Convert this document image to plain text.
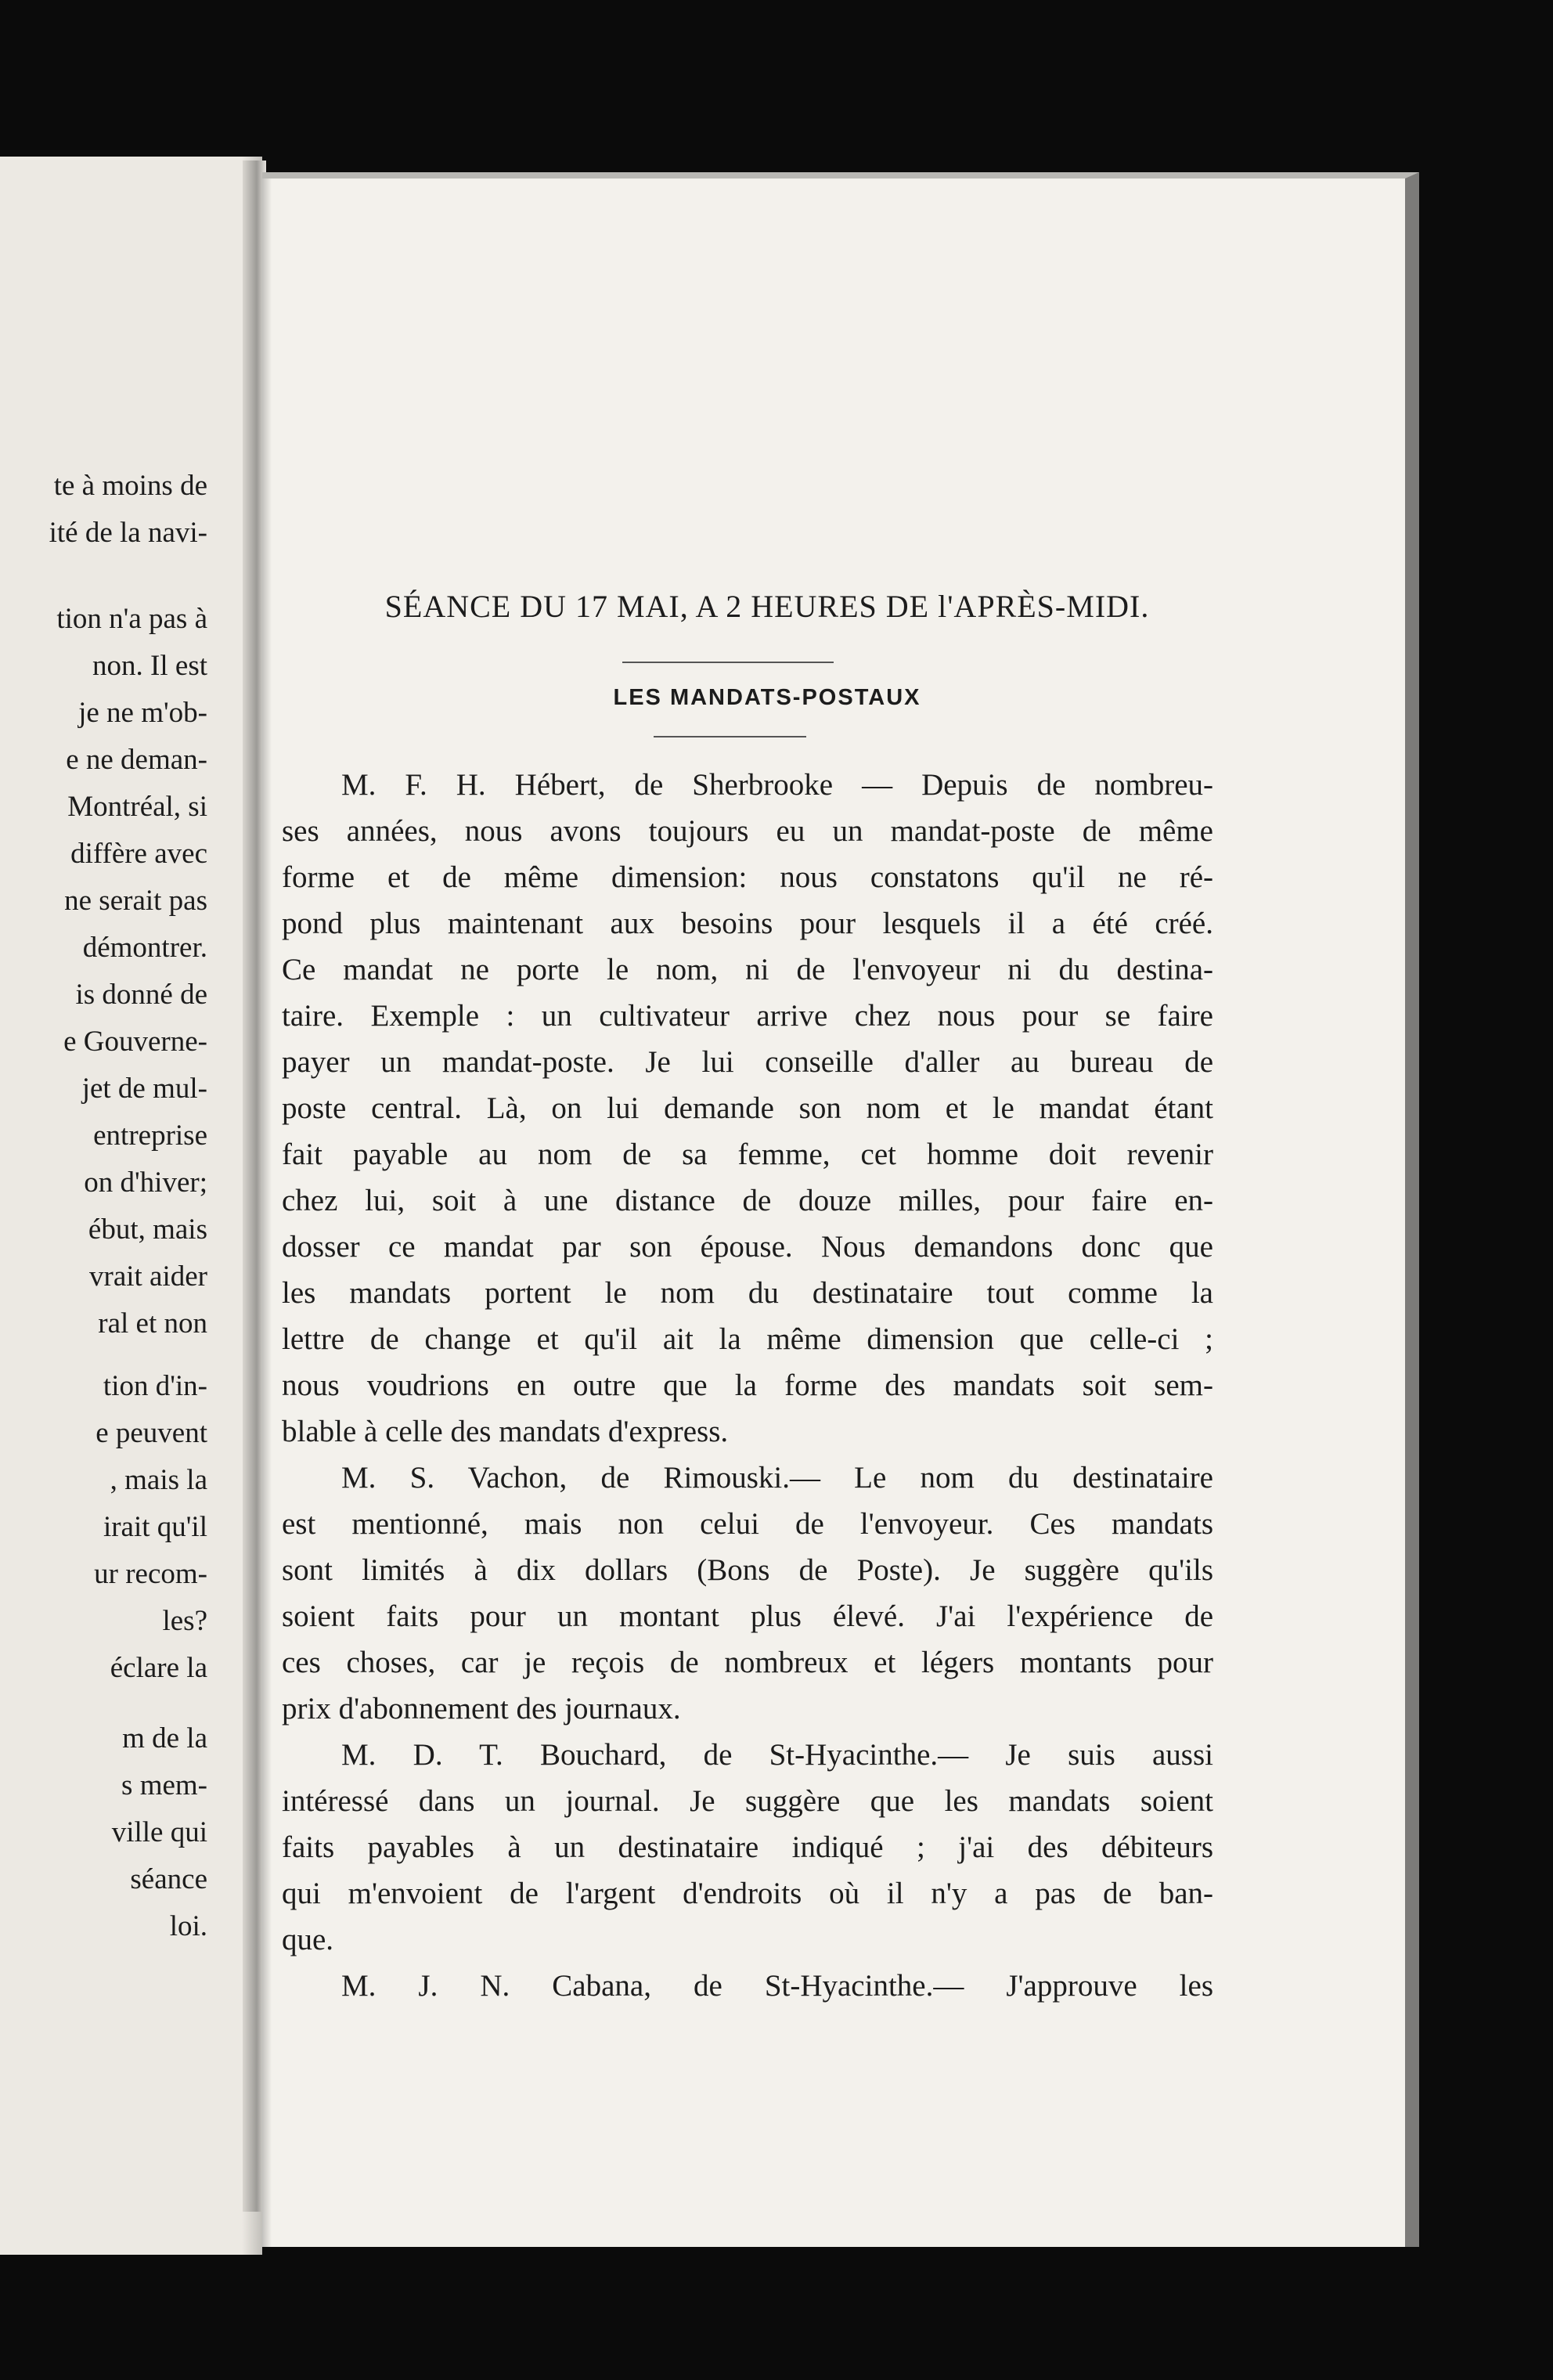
te à moins de
ité de la navi-
tion n'a pas à
non. Il est
je ne m'ob-
e ne deman-
Montréal, si
diffère avec
ne serait pas
démontrer.
is donné de
e Gouverne-
jet de mul-
entreprise
on d'hiver;
ébut, mais
vrait aider
ral et non
tion d'in-
e peuvent
, mais la
irait qu'il
ur recom-
les?
éclare la
m de la
s mem-
ville qui
séance
loi.
SÉANCE DU 17 MAI, A 2 HEURES DE l'APRÈS-MIDI.
LES MANDATS-POSTAUX
M. F. H. Hébert, de Sherbrooke — Depuis de nombreu-
ses années, nous avons toujours eu un mandat-poste de même
forme et de même dimension: nous constatons qu'il ne ré-
pond plus maintenant aux besoins pour lesquels il a été créé.
Ce mandat ne porte le nom, ni de l'envoyeur ni du destina-
taire. Exemple : un cultivateur arrive chez nous pour se faire
payer un mandat-poste. Je lui conseille d'aller au bureau de
poste central. Là, on lui demande son nom et le mandat étant
fait payable au nom de sa femme, cet homme doit revenir
chez lui, soit à une distance de douze milles, pour faire en-
dosser ce mandat par son épouse. Nous demandons donc que
les mandats portent le nom du destinataire tout comme la
lettre de change et qu'il ait la même dimension que celle-ci ;
nous voudrions en outre que la forme des mandats soit sem-
blable à celle des mandats d'express.
M. S. Vachon, de Rimouski.— Le nom du destinataire
est mentionné, mais non celui de l'envoyeur. Ces mandats
sont limités à dix dollars (Bons de Poste). Je suggère qu'ils
soient faits pour un montant plus élevé. J'ai l'expérience de
ces choses, car je reçois de nombreux et légers montants pour
prix d'abonnement des journaux.
M. D. T. Bouchard, de St-Hyacinthe.— Je suis aussi
intéressé dans un journal. Je suggère que les mandats soient
faits payables à un destinataire indiqué ; j'ai des débiteurs
qui m'envoient de l'argent d'endroits où il n'y a pas de ban-
que.
M. J. N. Cabana, de St-Hyacinthe.— J'approuve les
